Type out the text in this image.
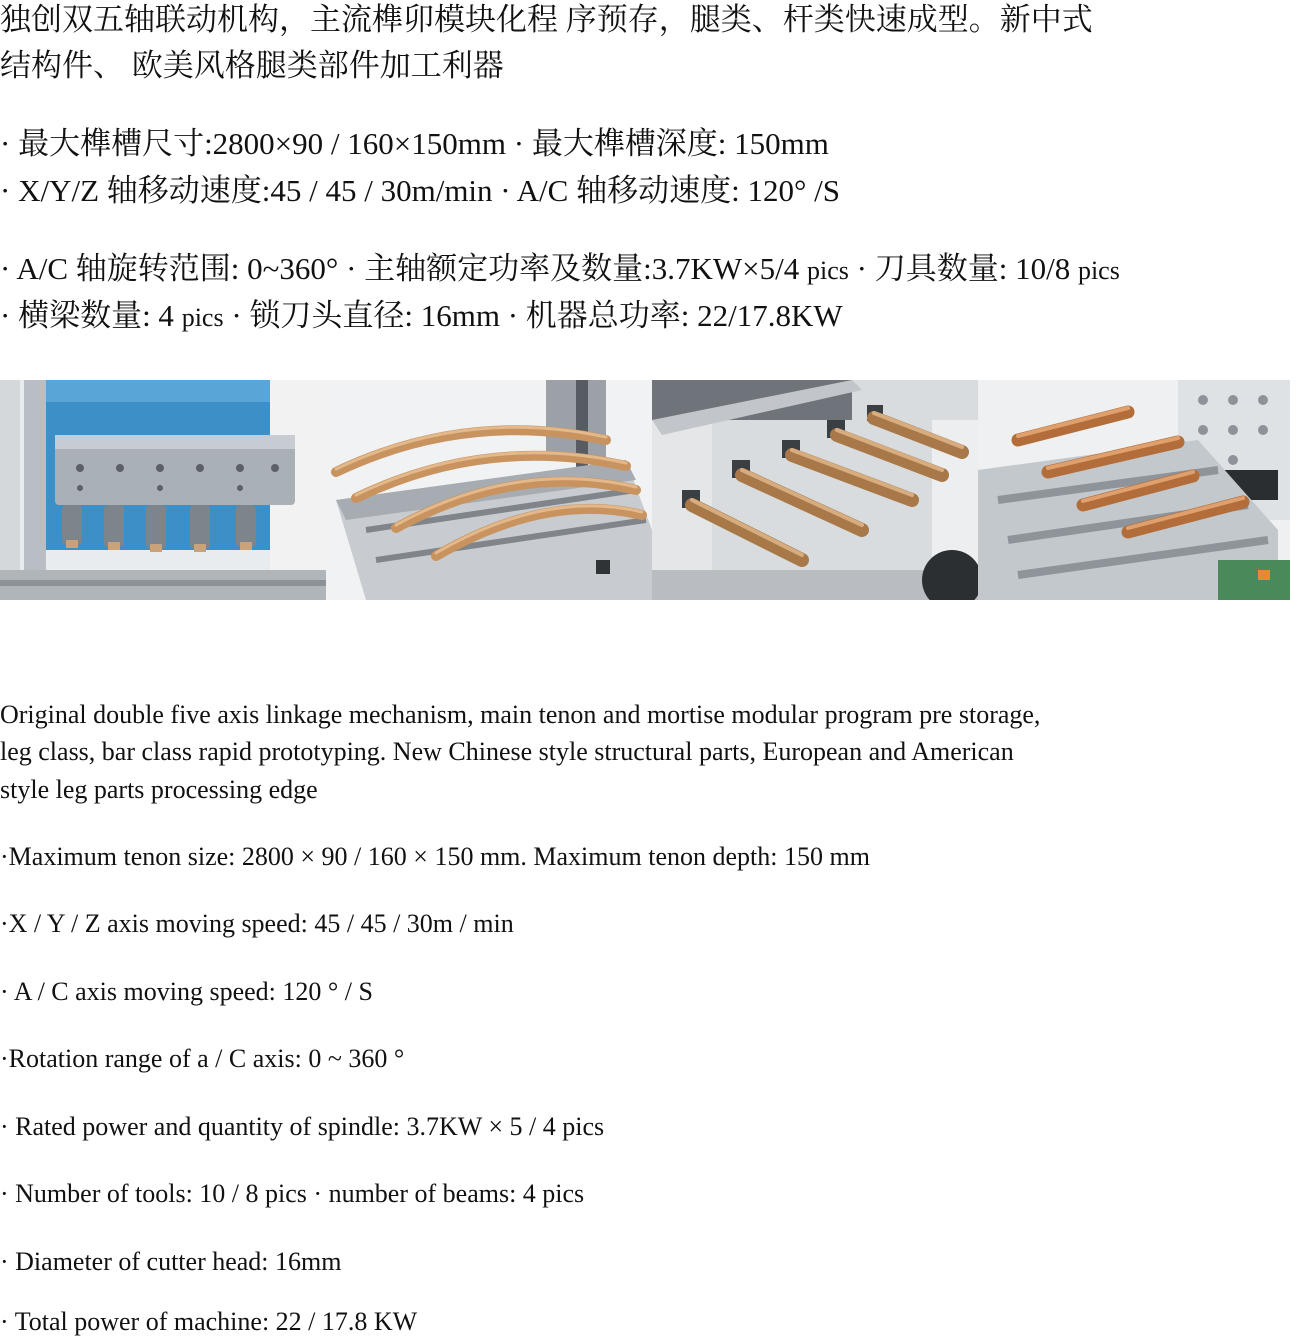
独创双五轴联动机构，主流榫卯模块化程 序预存，腿类、杆类快速成型。新中式
结构件、 欧美风格腿类部件加工利器
· 最大榫槽尺寸:2800×90 / 160×150mm · 最大榫槽深度: 150mm
· X/Y/Z 轴移动速度:45 / 45 / 30m/min · A/C 轴移动速度: 120° /S
· A/C 轴旋转范围: 0~360° · 主轴额定功率及数量:3.7KW×5/4 pics · 刀具数量: 10/8 pics
· 横梁数量: 4 pics · 锁刀头直径: 16mm · 机器总功率: 22/17.8KW
Original double five axis linkage mechanism, main tenon and mortise modular program pre storage,
leg class, bar class rapid prototyping. New Chinese style structural parts, European and American
style leg parts processing edge
·Maximum tenon size: 2800 × 90 / 160 × 150 mm. Maximum tenon depth: 150 mm
·X / Y / Z axis moving speed: 45 / 45 / 30m / min
· A / C axis moving speed: 120 ° / S
·Rotation range of a / C axis: 0 ~ 360 °
· Rated power and quantity of spindle: 3.7KW × 5 / 4 pics
· Number of tools: 10 / 8 pics · number of beams: 4 pics
· Diameter of cutter head: 16mm
· Total power of machine: 22 / 17.8 KW
